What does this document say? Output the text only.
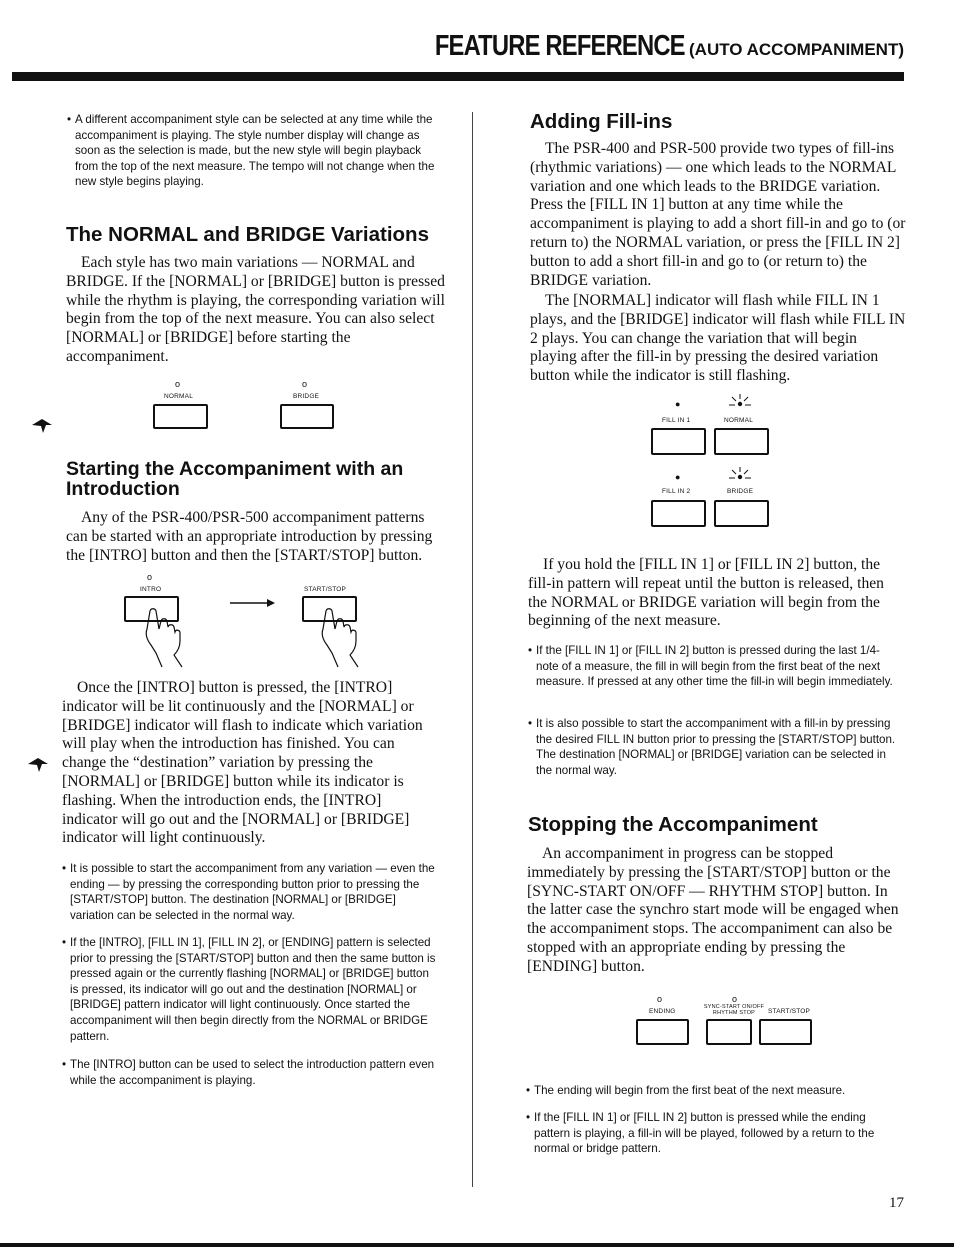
FEATURE REFERENCE (AUTO ACCOMPANIMENT)
• A different accompaniment style can be selected at any time while the accompaniment is playing. The style number display will change as soon as the selection is made, but the new style will begin playback from the top of the next measure. The tempo will not change when the new style begins playing.

The NORMAL and BRIDGE Variations

Each style has two main variations — NORMAL and BRIDGE. If the [NORMAL] or [BRIDGE] button is pressed while the rhythm is playing, the corresponding variation will begin from the top of the next measure. You can also select [NORMAL] or [BRIDGE] before starting the accompaniment.

o
NORMAL
o
BRIDGE
Starting the Accompaniment with an Introduction

Any of the PSR-400/PSR-500 accompaniment patterns can be started with an appropriate introduction by pressing the [INTRO] button and then the [START/STOP] button.

o
INTRO	START/STOP

Once the [INTRO] button is pressed, the [INTRO] indicator will be lit continuously and the [NORMAL] or [BRIDGE] indicator will flash to indicate which variation will play when the introduction has finished. You can change the “destination” variation by pressing the [NORMAL] or [BRIDGE] button while its indicator is flashing. When the introduction ends, the [INTRO] indicator will go out and the [NORMAL] or [BRIDGE] indicator will light continuously.

• It is possible to start the accompaniment from any variation — even the ending — by pressing the corresponding button prior to pressing the [START/STOP] button. The destination [NORMAL] or [BRIDGE] variation can be selected in the normal way.

• If the [INTRO], [FILL IN 1], [FILL IN 2], or [ENDING] pattern is selected prior to pressing the [START/STOP] button and then the same button is pressed again or the currently flashing [NORMAL] or [BRIDGE] button is pressed, its indicator will go out and the destination [NORMAL] or [BRIDGE] pattern indicator will light continuously. Once started the accompaniment will then begin directly from the NORMAL or BRIDGE pattern.

• The [INTRO] button can be used to select the introduction pattern even while the accompaniment is playing.

Adding Fill-ins

The PSR-400 and PSR-500 provide two types of fill-ins (rhythmic variations) — one which leads to the NORMAL variation and one which leads to the BRIDGE variation. Press the [FILL IN 1] button at any time while the accompaniment is playing to add a short fill-in and go to (or return to) the NORMAL variation, or press the [FILL IN 2] button to add a short fill-in and go to (or return to) the BRIDGE variation.

The [NORMAL] indicator will flash while FILL IN 1 plays, and the [BRIDGE] indicator will flash while FILL IN 2 plays. You can change the variation that will begin playing after the fill-in by pressing the desired variation button while the indicator is still flashing.

●
FILL IN 1	NORMAL
●
FILL IN 2	BRIDGE

If you hold the [FILL IN 1] or [FILL IN 2] button, the fill-in pattern will repeat until the button is released, then the NORMAL or BRIDGE variation will begin from the beginning of the next measure.

• If the [FILL IN 1] or [FILL IN 2] button is pressed during the last 1/4-note of a measure, the fill in will begin from the first beat of the next measure. If pressed at any other time the fill-in will begin immediately.

• It is also possible to start the accompaniment with a fill-in by pressing the desired FILL IN button prior to pressing the [START/STOP] button. The destination [NORMAL] or [BRIDGE] variation can be selected in the normal way.

Stopping the Accompaniment

An accompaniment in progress can be stopped immediately by pressing the [START/STOP] button or the [SYNC-START ON/OFF — RHYTHM STOP] button. In the latter case the synchro start mode will be engaged when the accompaniment stops. The accompaniment can also be stopped with an appropriate ending by pressing the [ENDING] button.

o	o
ENDING
SYNC-START ON/OFF
RHYTHM STOP	START/STOP
• The ending will begin from the first beat of the next measure.

• If the [FILL IN 1] or [FILL IN 2] button is pressed while the ending pattern is playing, a fill-in will be played, followed by a return to the normal or bridge pattern.

17
